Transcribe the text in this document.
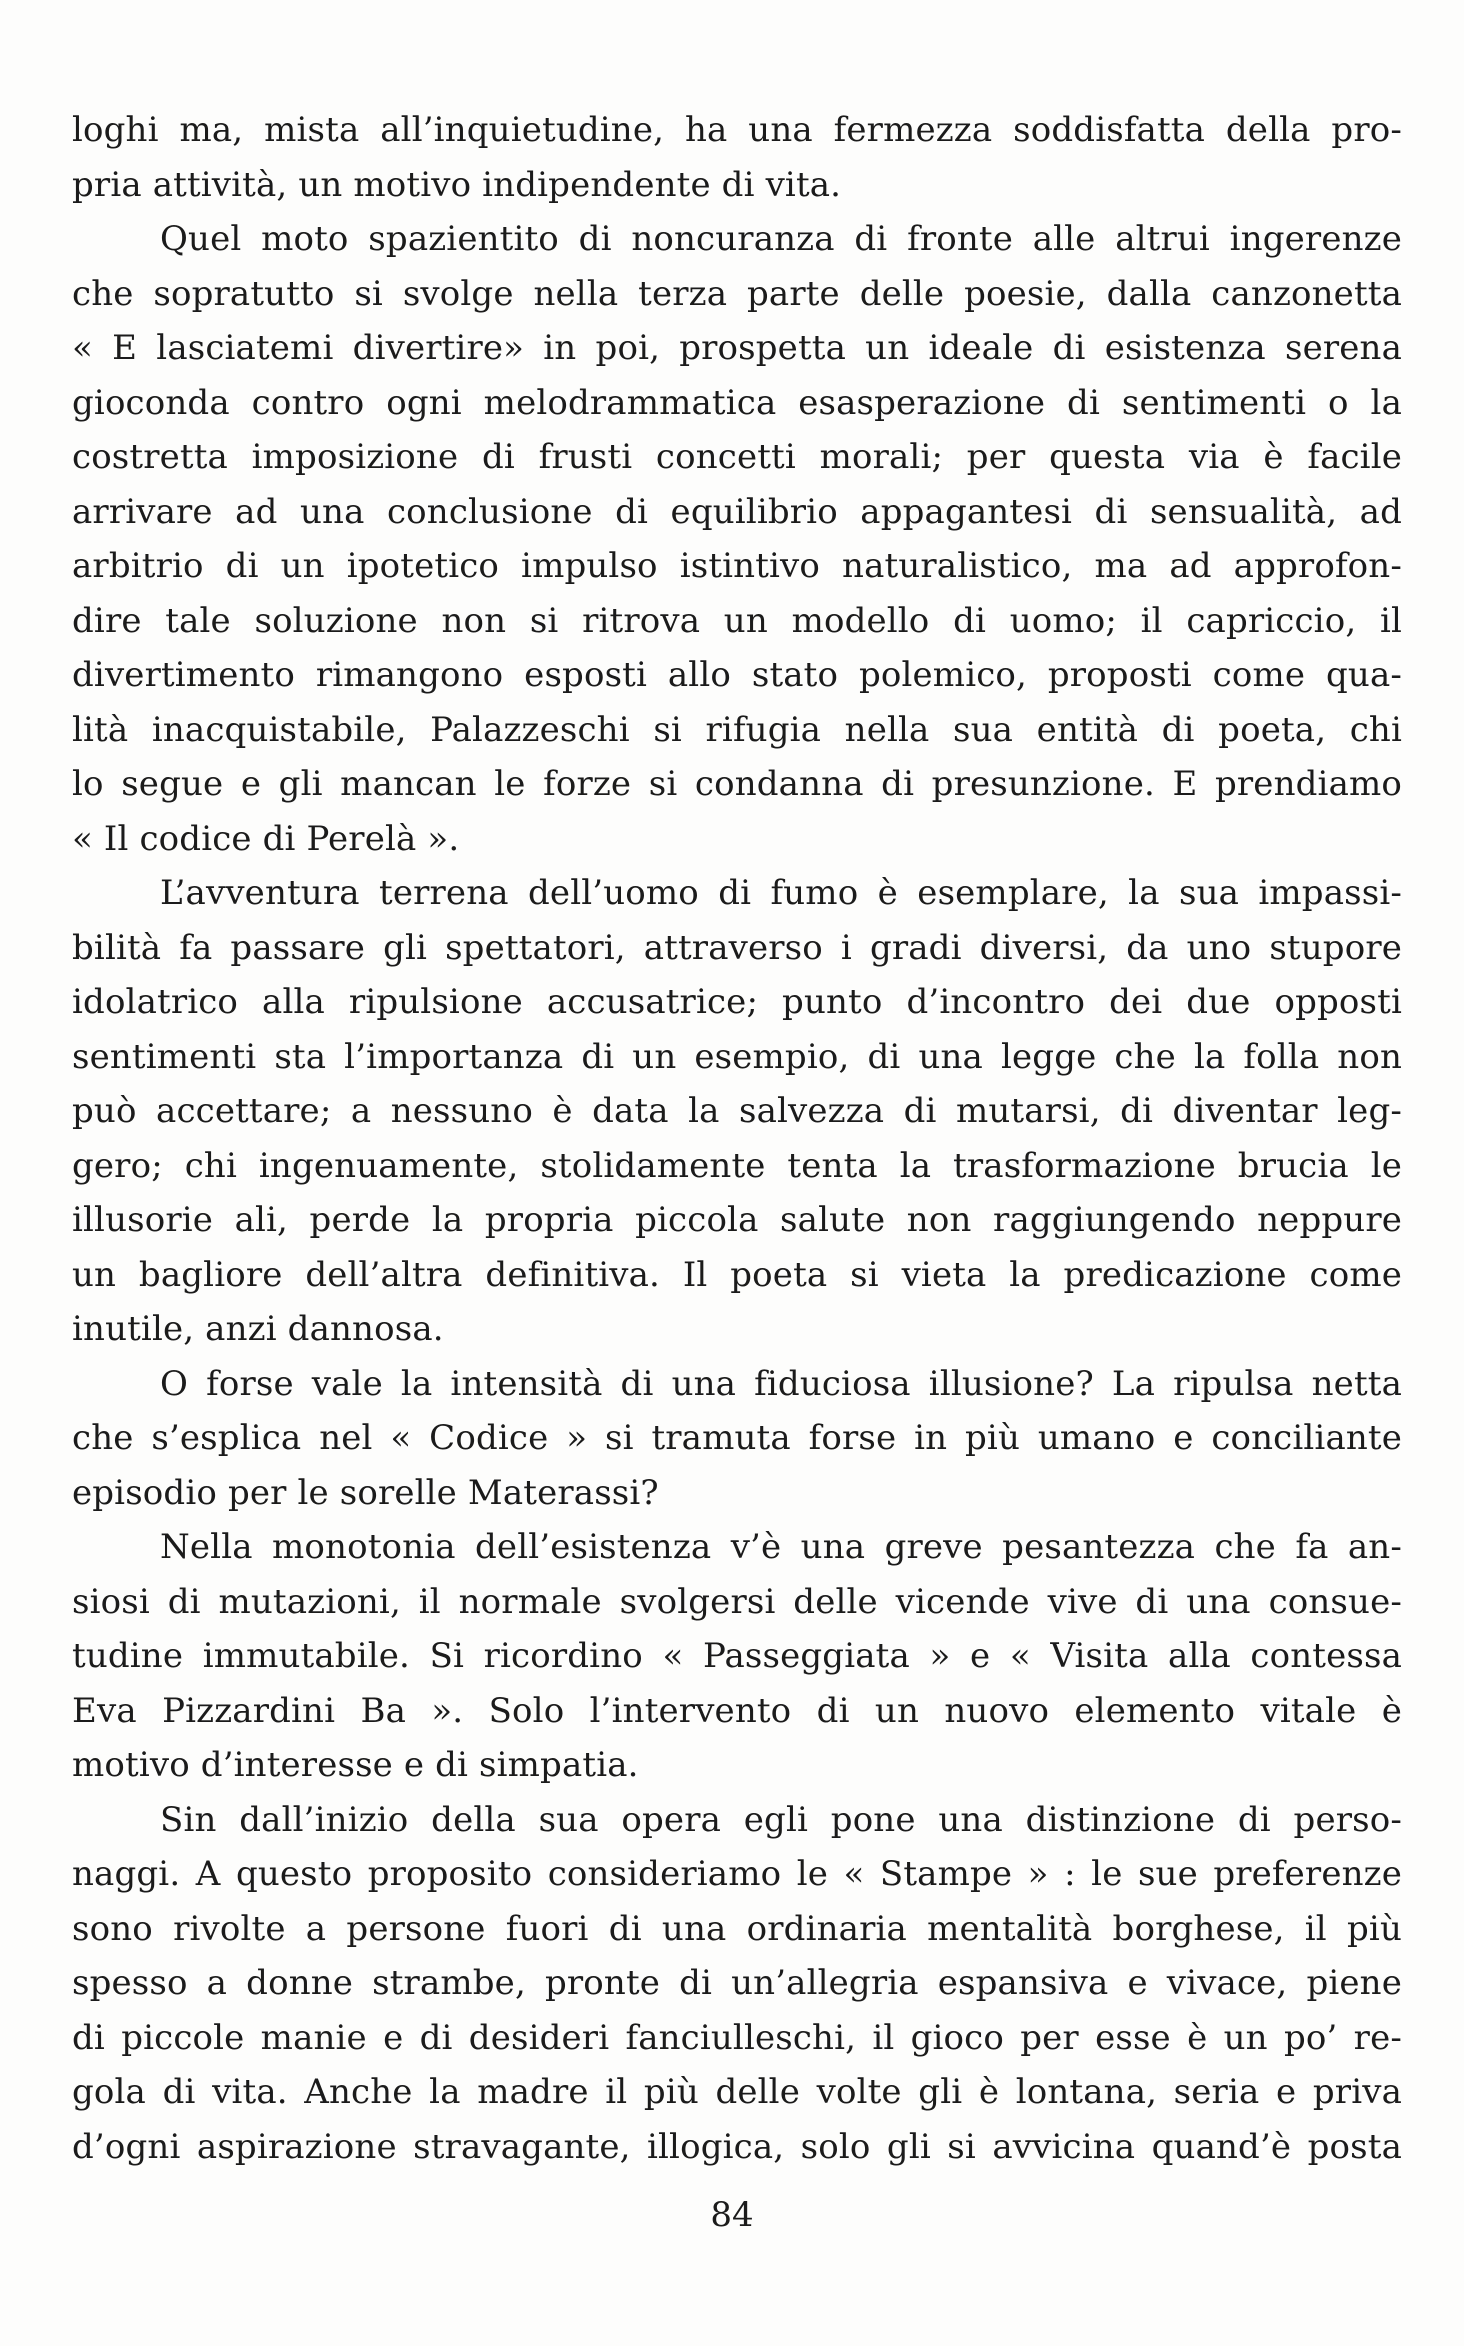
loghi ma, mista all’inquietudine, ha una fermezza soddisfatta della pro-
pria attività, un motivo indipendente di vita.
Quel moto spazientito di noncuranza di fronte alle altrui ingerenze
che sopratutto si svolge nella terza parte delle poesie, dalla canzonetta
« E lasciatemi divertire» in poi, prospetta un ideale di esistenza serena
gioconda contro ogni melodrammatica esasperazione di sentimenti o la
costretta imposizione di frusti concetti morali; per questa via è facile
arrivare ad una conclusione di equilibrio appagantesi di sensualità, ad
arbitrio di un ipotetico impulso istintivo naturalistico, ma ad approfon-
dire tale soluzione non si ritrova un modello di uomo; il capriccio, il
divertimento rimangono esposti allo stato polemico, proposti come qua-
lità inacquistabile, Palazzeschi si rifugia nella sua entità di poeta, chi
lo segue e gli mancan le forze si condanna di presunzione. E prendiamo
« Il codice di Perelà ».
L’avventura terrena dell’uomo di fumo è esemplare, la sua impassi-
bilità fa passare gli spettatori, attraverso i gradi diversi, da uno stupore
idolatrico alla ripulsione accusatrice; punto d’incontro dei due opposti
sentimenti sta l’importanza di un esempio, di una legge che la folla non
può accettare; a nessuno è data la salvezza di mutarsi, di diventar leg-
gero; chi ingenuamente, stolidamente tenta la trasformazione brucia le
illusorie ali, perde la propria piccola salute non raggiungendo neppure
un bagliore dell’altra definitiva. Il poeta si vieta la predicazione come
inutile, anzi dannosa.
O forse vale la intensità di una fiduciosa illusione? La ripulsa netta
che s’esplica nel « Codice » si tramuta forse in più umano e conciliante
episodio per le sorelle Materassi?
Nella monotonia dell’esistenza v’è una greve pesantezza che fa an-
siosi di mutazioni, il normale svolgersi delle vicende vive di una consue-
tudine immutabile. Si ricordino « Passeggiata » e « Visita alla contessa
Eva Pizzardini Ba ». Solo l’intervento di un nuovo elemento vitale è
motivo d’interesse e di simpatia.
Sin dall’inizio della sua opera egli pone una distinzione di perso-
naggi. A questo proposito consideriamo le « Stampe » : le sue preferenze
sono rivolte a persone fuori di una ordinaria mentalità borghese, il più
spesso a donne strambe, pronte di un’allegria espansiva e vivace, piene
di piccole manie e di desideri fanciulleschi, il gioco per esse è un po’ re-
gola di vita. Anche la madre il più delle volte gli è lontana, seria e priva
d’ogni aspirazione stravagante, illogica, solo gli si avvicina quand’è posta
84
